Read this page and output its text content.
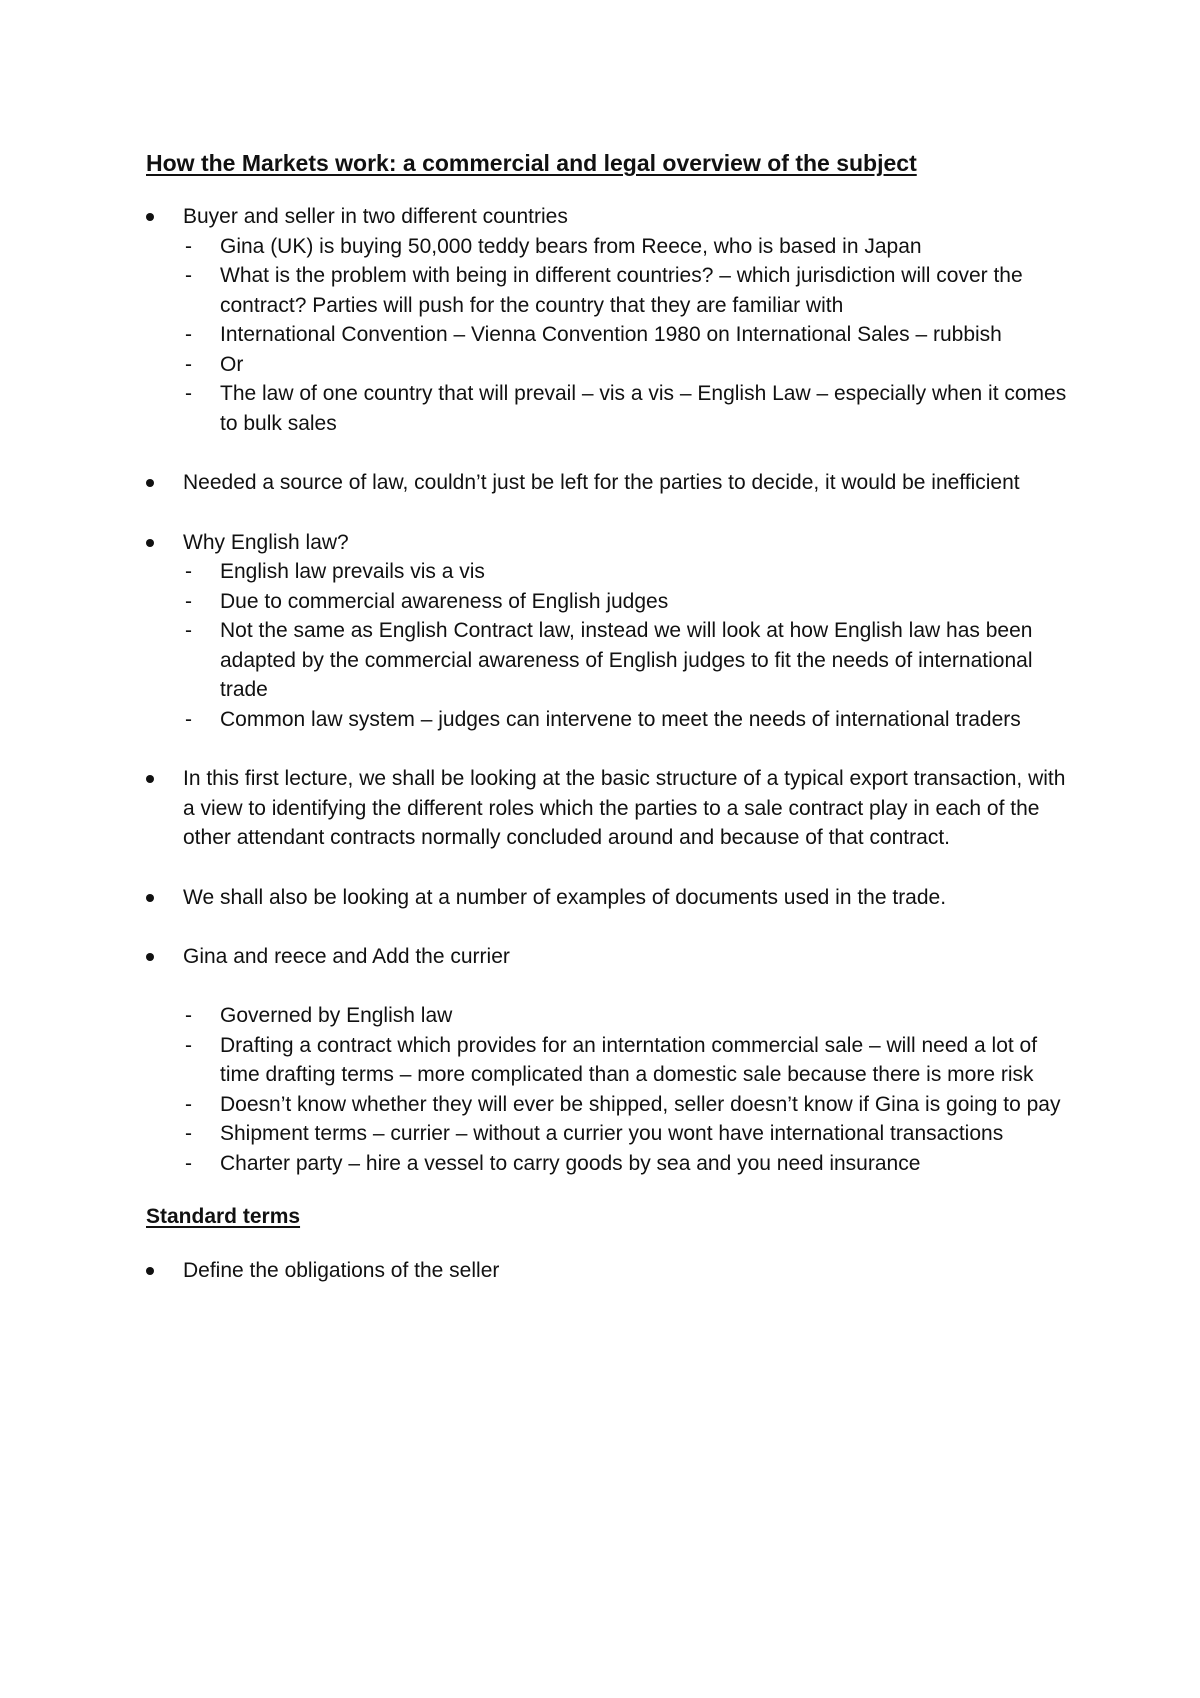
How the Markets work: a commercial and legal overview of the subject
Buyer and seller in two different countries
- Gina (UK) is buying 50,000 teddy bears from Reece, who is based in Japan
- What is the problem with being in different countries? – which jurisdiction will cover the contract? Parties will push for the country that they are familiar with
- International Convention – Vienna Convention 1980 on International Sales – rubbish
- Or
- The law of one country that will prevail – vis a vis – English Law – especially when it comes to bulk sales
Needed a source of law, couldn’t just be left for the parties to decide, it would be inefficient
Why English law?
- English law prevails vis a vis
- Due to commercial awareness of English judges
- Not the same as English Contract law, instead we will look at how English law has been adapted by the commercial awareness of English judges to fit the needs of international trade
- Common law system – judges can intervene to meet the needs of international traders
In this first lecture, we shall be looking at the basic structure of a typical export transaction, with a view to identifying the different roles which the parties to a sale contract play in each of the other attendant contracts normally concluded around and because of that contract.
We shall also be looking at a number of examples of documents used in the trade.
Gina and reece and Add the currier
- Governed by English law
- Drafting a contract which provides for an interntation commercial sale – will need a lot of time drafting terms – more complicated than a domestic sale because there is more risk
- Doesn’t know whether they will ever be shipped, seller doesn’t know if Gina is going to pay
- Shipment terms – currier – without a currier you wont have international transactions
- Charter party – hire a vessel to carry goods by sea and you need insurance
Standard terms
Define the obligations of the seller
